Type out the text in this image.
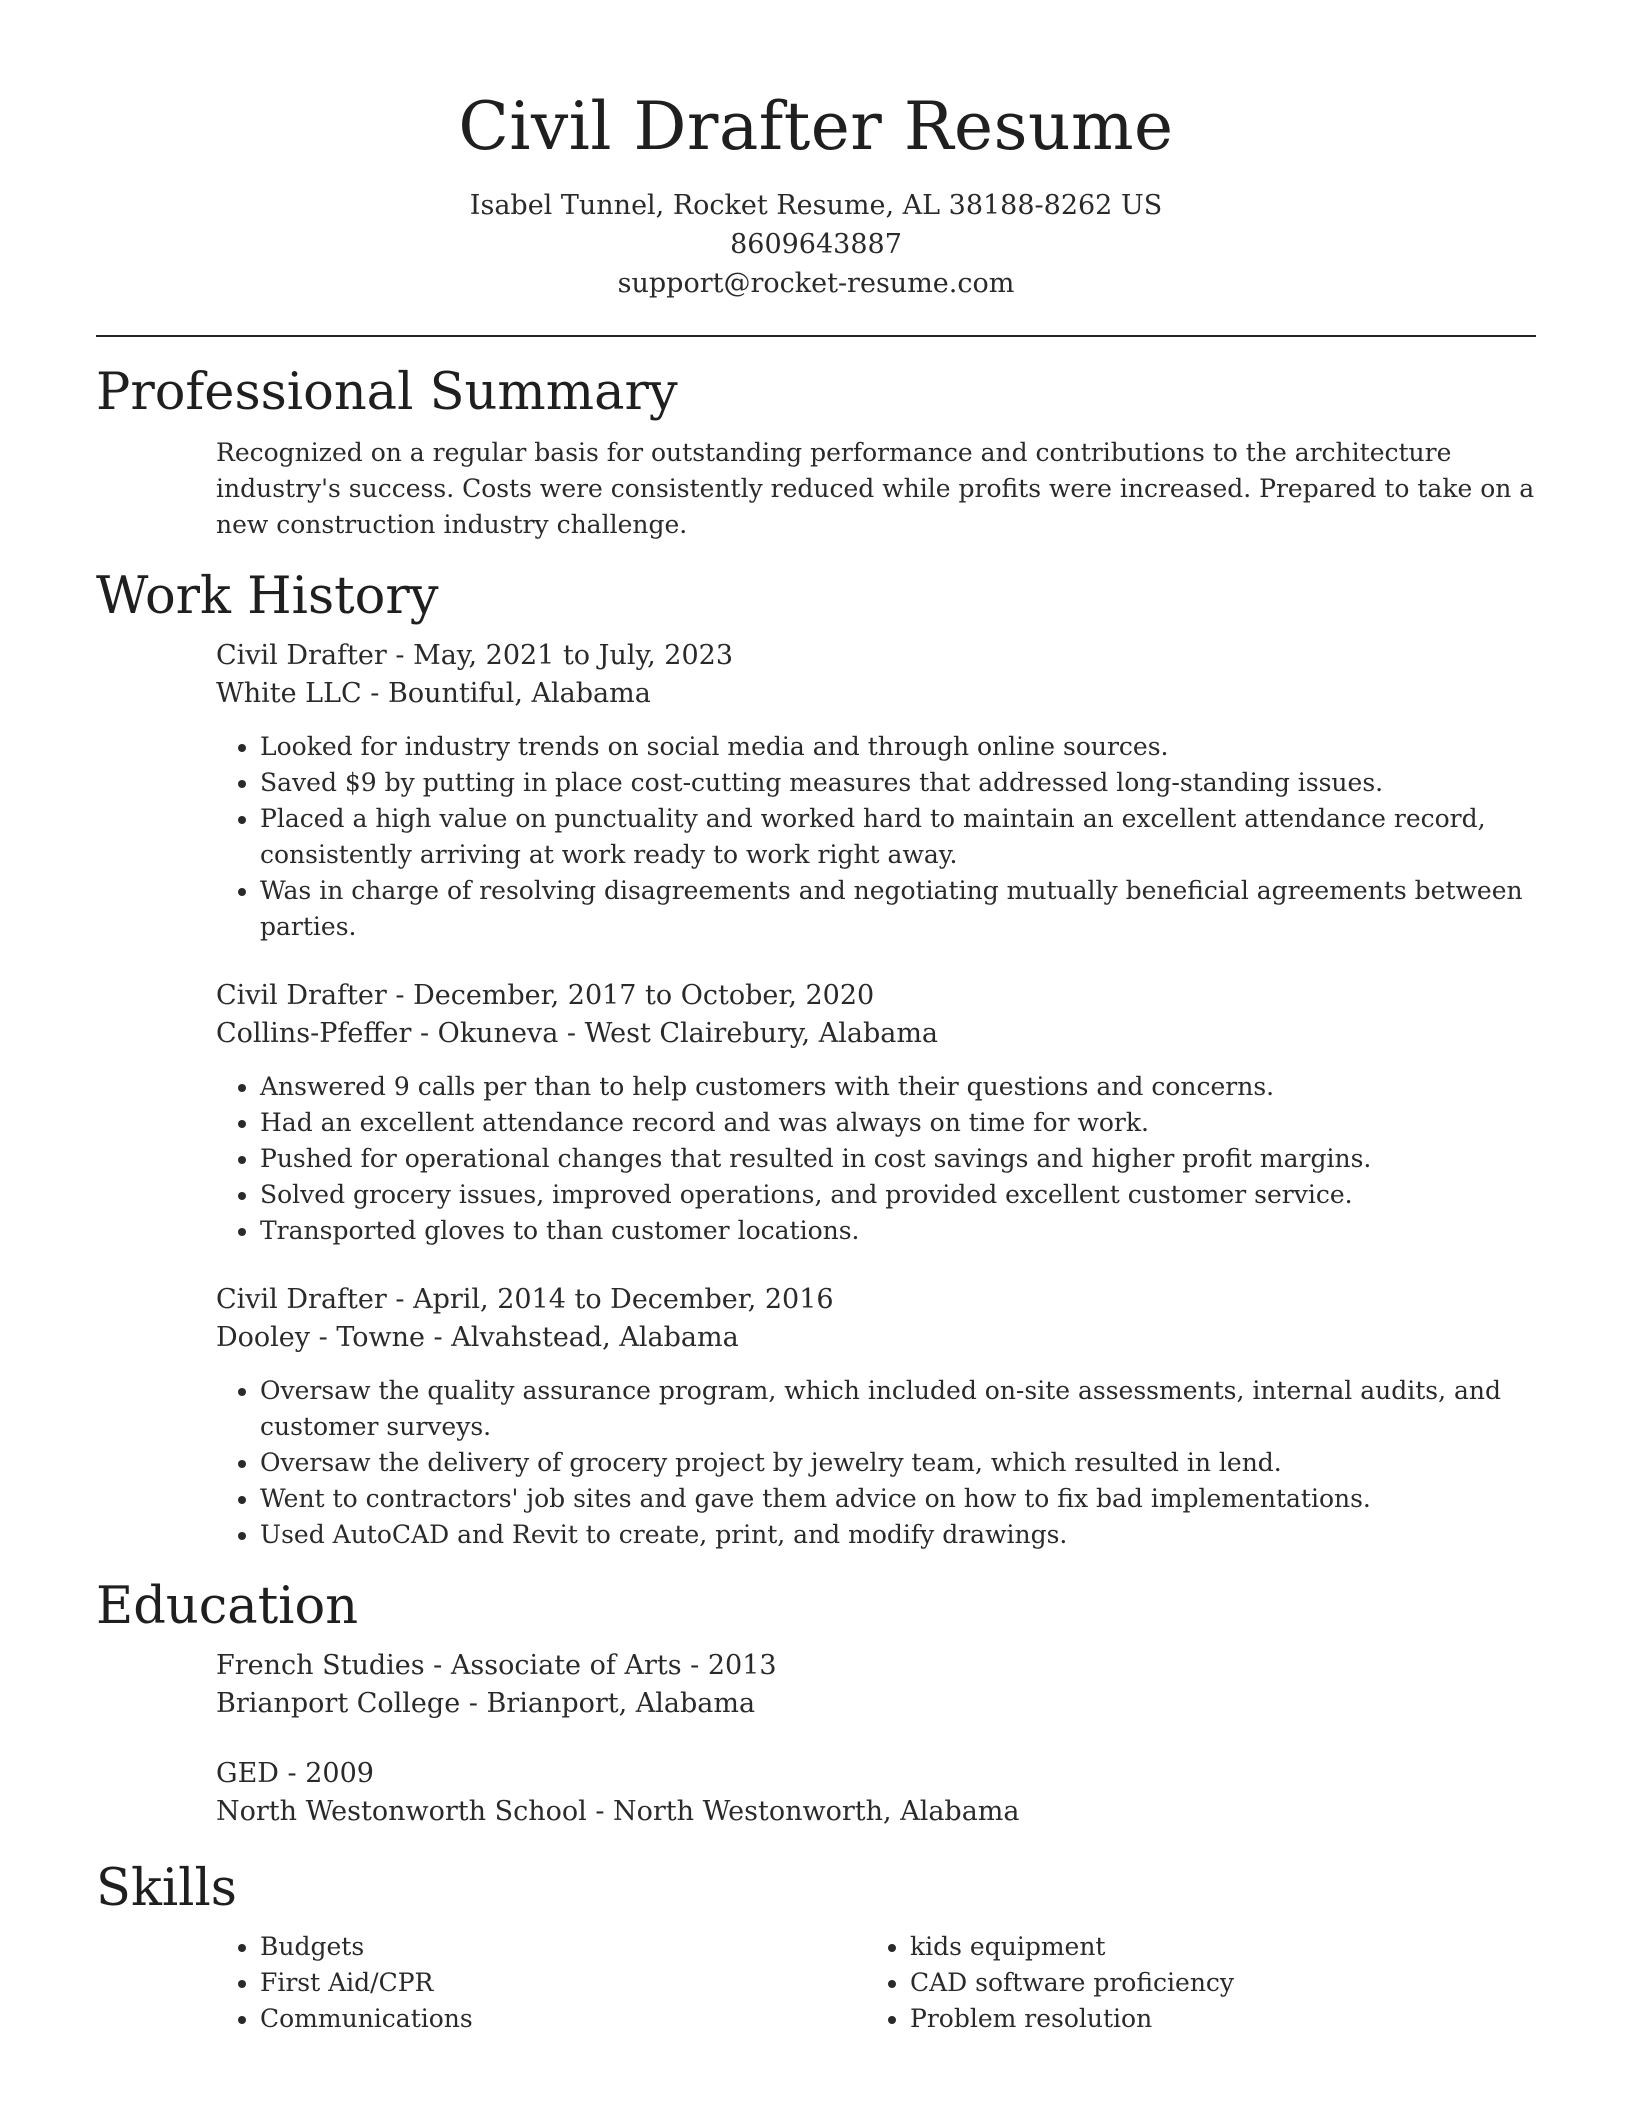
Civil Drafter Resume
Isabel Tunnel, Rocket Resume, AL 38188-8262 US
8609643887
support@rocket-resume.com
Professional Summary

Recognized on a regular basis for outstanding performance and contributions to the architecture industry's success. Costs were consistently reduced while profits were increased. Prepared to take on a new construction industry challenge.

Work History
Civil Drafter - May, 2021 to July, 2023
White LLC - Bountiful, Alabama
• Looked for industry trends on social media and through online sources.
• Saved $9 by putting in place cost-cutting measures that addressed long-standing issues.
• Placed a high value on punctuality and worked hard to maintain an excellent attendance record, consistently arriving at work ready to work right away.
• Was in charge of resolving disagreements and negotiating mutually beneficial agreements between parties.
Civil Drafter - December, 2017 to October, 2020
Collins-Pfeffer - Okuneva - West Clairebury, Alabama
• Answered 9 calls per than to help customers with their questions and concerns.
• Had an excellent attendance record and was always on time for work.
• Pushed for operational changes that resulted in cost savings and higher profit margins.
• Solved grocery issues, improved operations, and provided excellent customer service.
• Transported gloves to than customer locations.
Civil Drafter - April, 2014 to December, 2016
Dooley - Towne - Alvahstead, Alabama
• Oversaw the quality assurance program, which included on-site assessments, internal audits, and customer surveys.
• Oversaw the delivery of grocery project by jewelry team, which resulted in lend.
• Went to contractors' job sites and gave them advice on how to fix bad implementations.
• Used AutoCAD and Revit to create, print, and modify drawings.
Education
French Studies - Associate of Arts - 2013
Brianport College - Brianport, Alabama
GED - 2009
North Westonworth School - North Westonworth, Alabama
Skills
• Budgets
• First Aid/CPR
• Communications
• kids equipment
• CAD software proficiency
• Problem resolution
